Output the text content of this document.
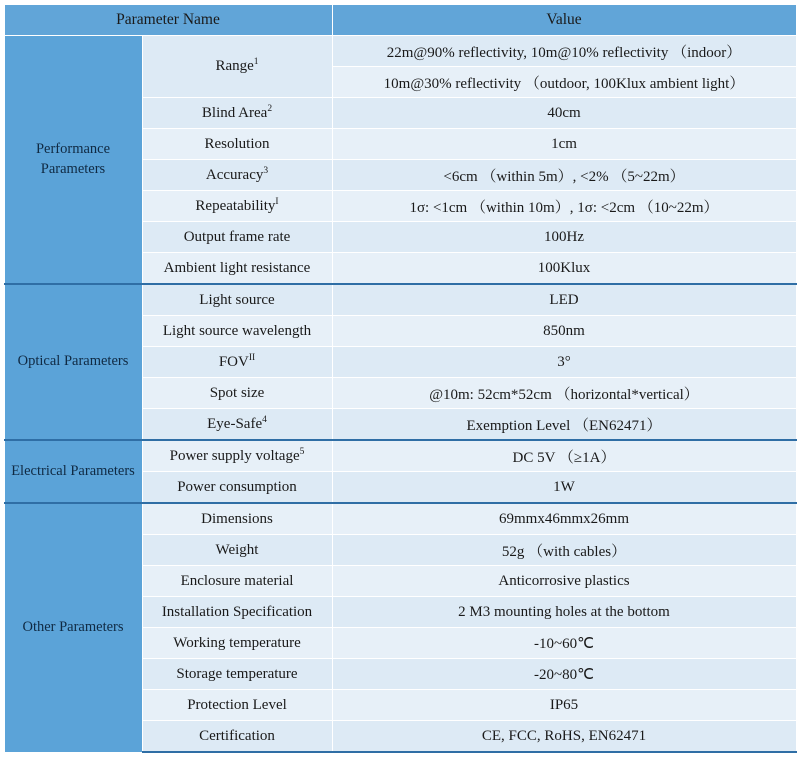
Parameter Name		Value
Performance Parameters	Range$^1$	22m@90% reflectivity, 10m@10% reflectivity （indoor）
		10m@30% reflectivity （outdoor, 100Klux ambient light）
	Blind Area$^2$	40cm
	Resolution	1cm
	Accuracy$^3$	<6cm （within 5m）, <2% （5~22m）
	Repeatability$^I$	1σ: <1cm （within 10m）, 1σ: <2cm （10~22m）
	Output frame rate	100Hz
	Ambient light resistance	100Klux
Optical Parameters	Light source	LED
	Light source wavelength	850nm
	$FOV^{II}$	3°
	Spot size	@10m: 52cm*52cm （horizontal*vertical）
	Eye-Safe$^4$	Exemption Level （EN62471）
Electrical Parameters	Power supply voltage$^5$	DC 5V （≥1A）
	Power consumption	1W
Other Parameters	Dimensions	69mmx46mmx26mm
	Weight	52g （with cables）
	Enclosure material	Anticorrosive plastics
	Installation Specification	2 M3 mounting holes at the bottom
	Working temperature	-10~60℃
	Storage temperature	-20~80℃
	Protection Level	IP65
	Certification	CE, FCC, RoHS, EN62471
